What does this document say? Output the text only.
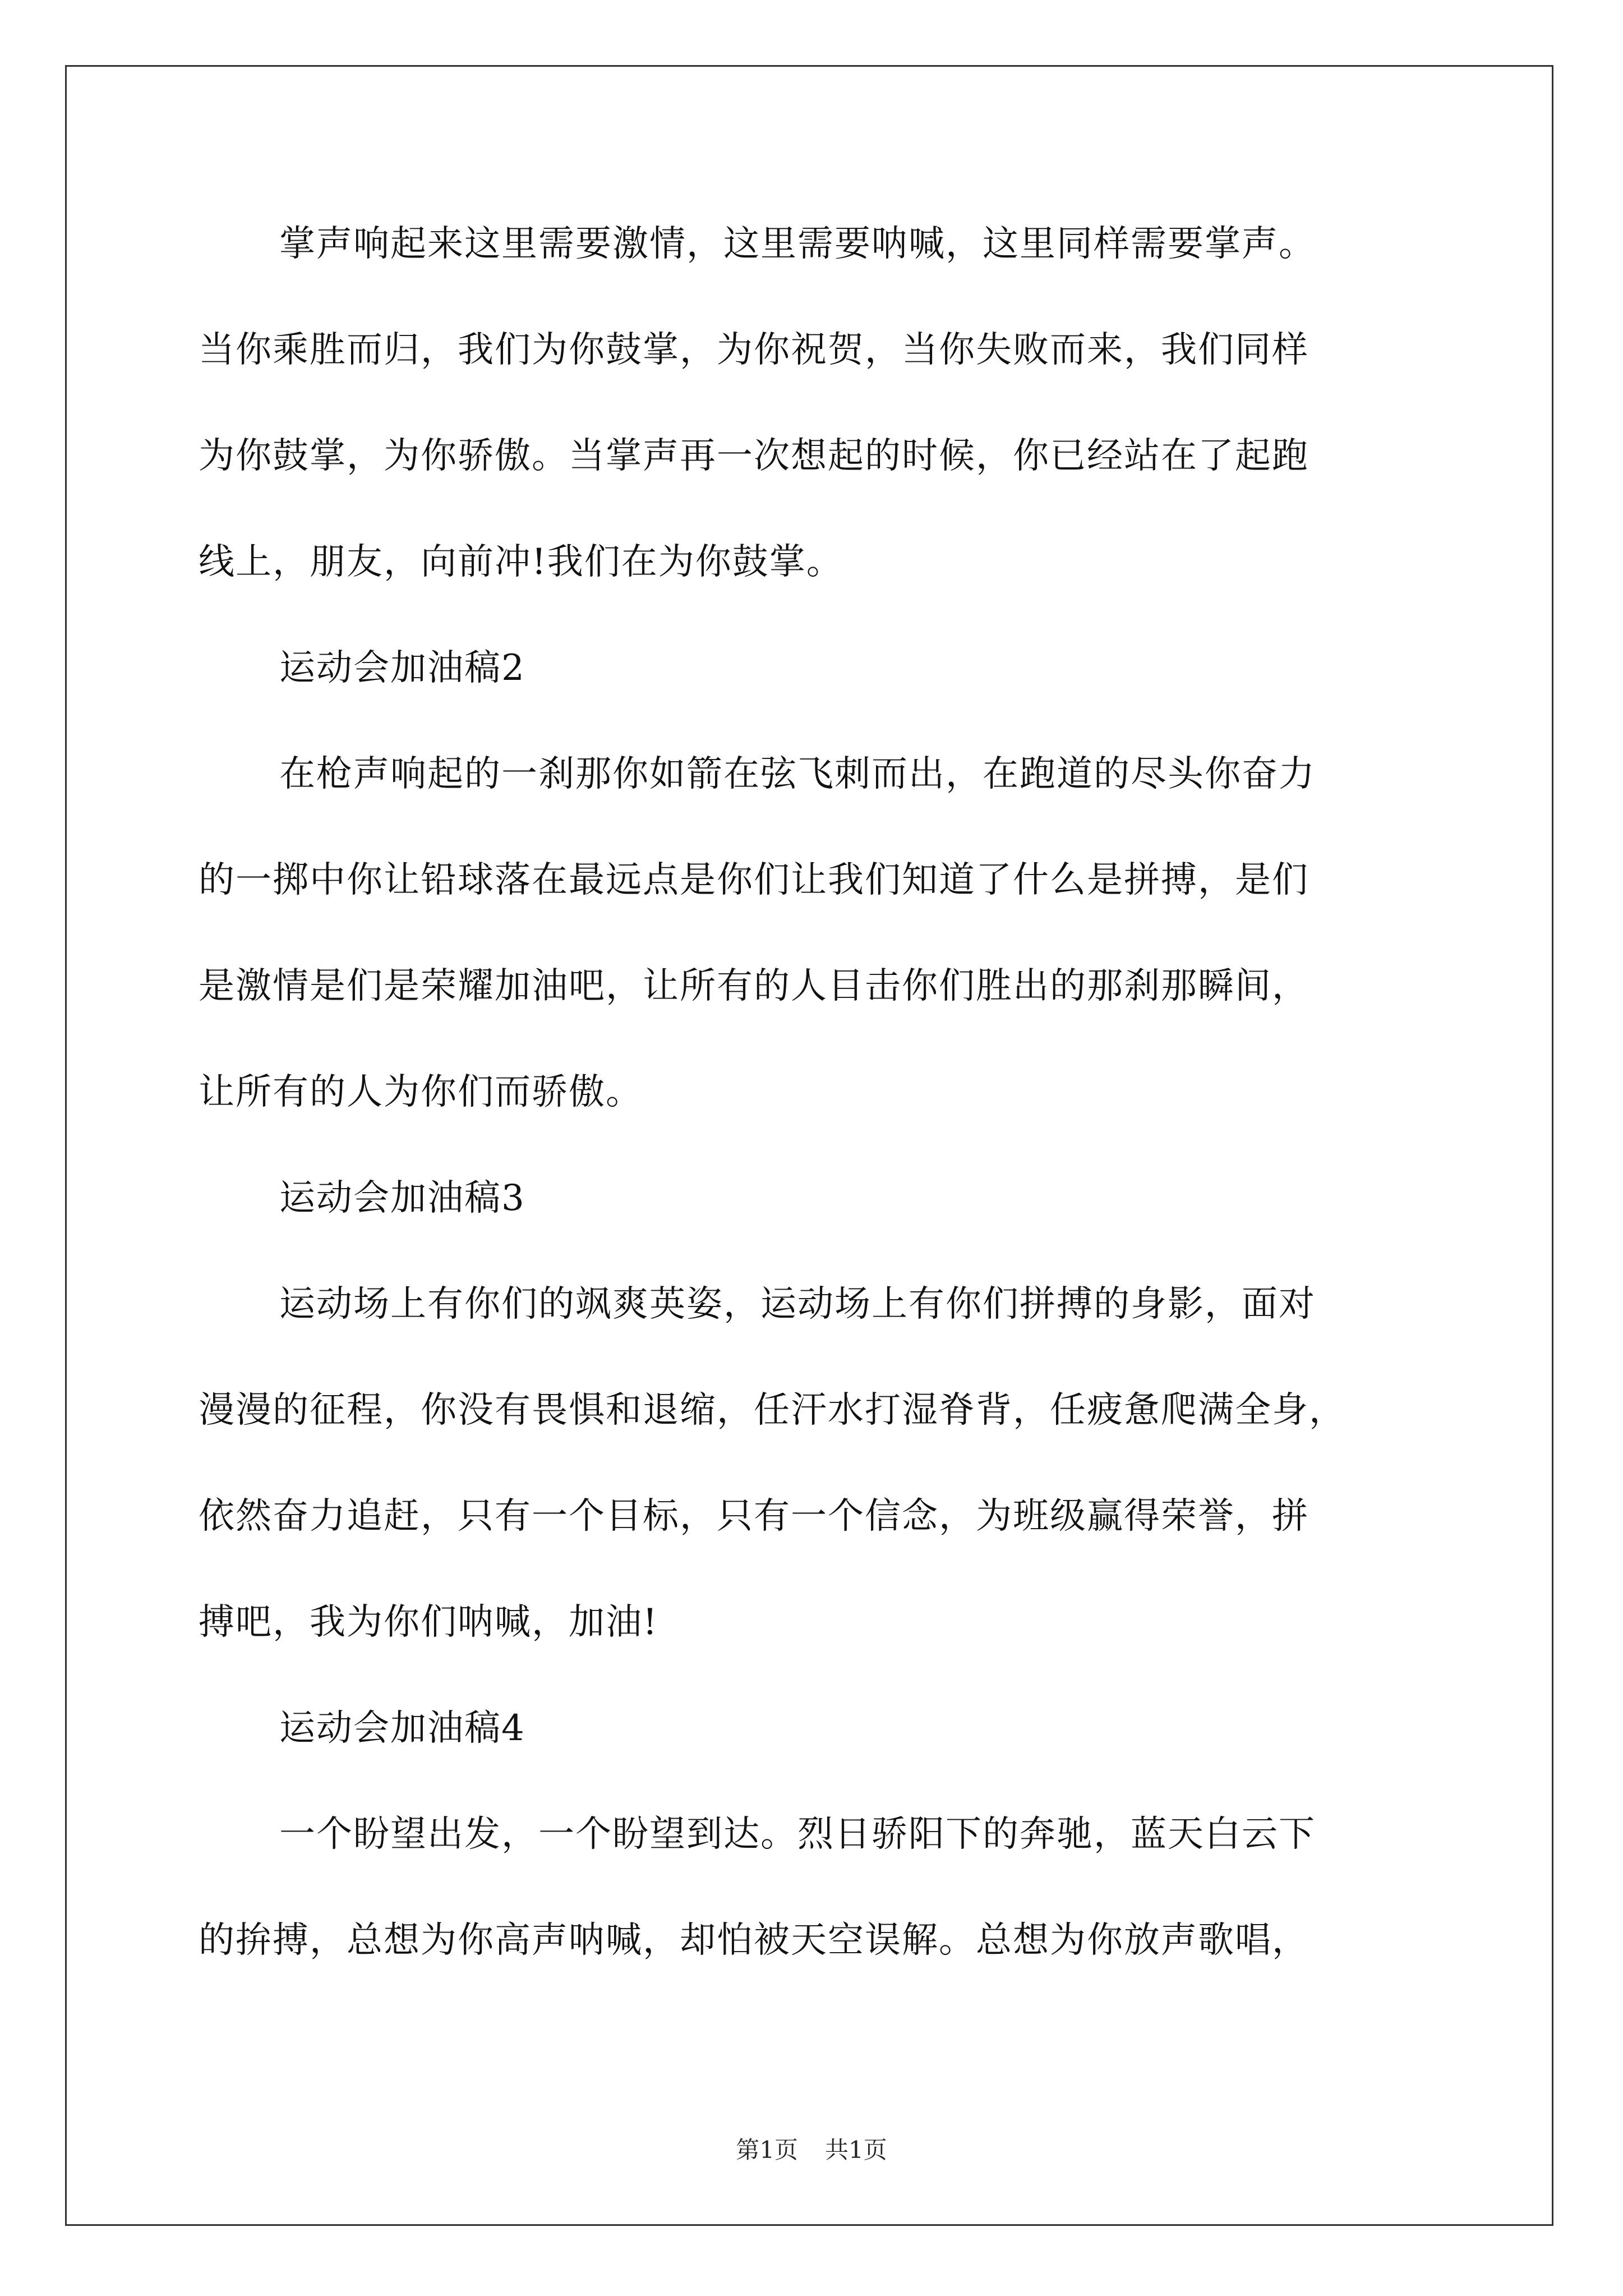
掌声响起来这里需要激情，这里需要呐喊，这里同样需要掌声。
当你乘胜而归，我们为你鼓掌，为你祝贺，当你失败而来，我们同样
为你鼓掌，为你骄傲。当掌声再一次想起的时候，你已经站在了起跑
线上，朋友，向前冲!我们在为你鼓掌。
运动会加油稿2
在枪声响起的一刹那你如箭在弦飞刺而出，在跑道的尽头你奋力
的一掷中你让铅球落在最远点是你们让我们知道了什么是拼搏，是们
是激情是们是荣耀加油吧，让所有的人目击你们胜出的那刹那瞬间，
让所有的人为你们而骄傲。
运动会加油稿3
运动场上有你们的飒爽英姿，运动场上有你们拼搏的身影，面对
漫漫的征程，你没有畏惧和退缩，任汗水打湿脊背，任疲惫爬满全身，
依然奋力追赶，只有一个目标，只有一个信念，为班级赢得荣誉，拼
搏吧，我为你们呐喊，加油!
运动会加油稿4
一个盼望出发，一个盼望到达。烈日骄阳下的奔驰，蓝天白云下
的拚搏，总想为你高声呐喊，却怕被天空误解。总想为你放声歌唱，
第1页 共1页
